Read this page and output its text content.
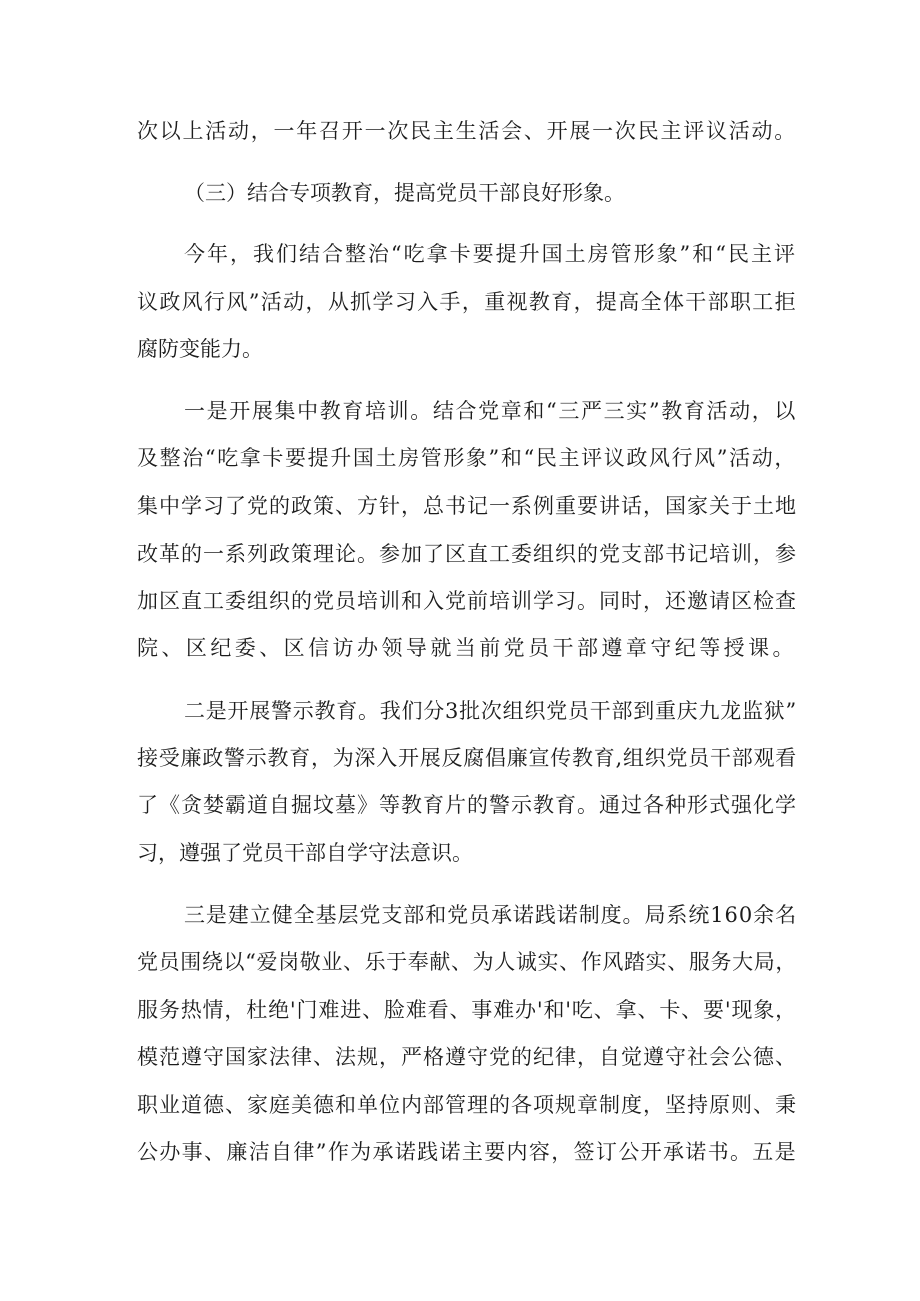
次以上活动，一年召开一次民主生活会、开展一次民主评议活动。
（三）结合专项教育，提高党员干部良好形象。
今年，我们结合整治“吃拿卡要提升国土房管形象”和“民主评
议政风行风”活动，从抓学习入手，重视教育，提高全体干部职工拒
腐防变能力。
一是开展集中教育培训。结合党章和“三严三实”教育活动，以
及整治“吃拿卡要提升国土房管形象”和“民主评议政风行风”活动，
集中学习了党的政策、方针，总书记一系例重要讲话，国家关于土地
改革的一系列政策理论。参加了区直工委组织的党支部书记培训，参
加区直工委组织的党员培训和入党前培训学习。同时，还邀请区检查
院、区纪委、区信访办领导就当前党员干部遵章守纪等授课。
二是开展警示教育。我们分3批次组织党员干部到重庆九龙监狱”
接受廉政警示教育，为深入开展反腐倡廉宣传教育,组织党员干部观看
了《贪婪霸道自掘坟墓》等教育片的警示教育。通过各种形式强化学
习，遵强了党员干部自学守法意识。
三是建立健全基层党支部和党员承诺践诺制度。局系统160余名
党员围绕以“爱岗敬业、乐于奉献、为人诚实、作风踏实、服务大局，
服务热情，杜绝'门难进、脸难看、事难办'和'吃、拿、卡、要'现象，
模范遵守国家法律、法规，严格遵守党的纪律，自觉遵守社会公德、
职业道德、家庭美德和单位内部管理的各项规章制度，坚持原则、秉
公办事、廉洁自律”作为承诺践诺主要内容，签订公开承诺书。五是
